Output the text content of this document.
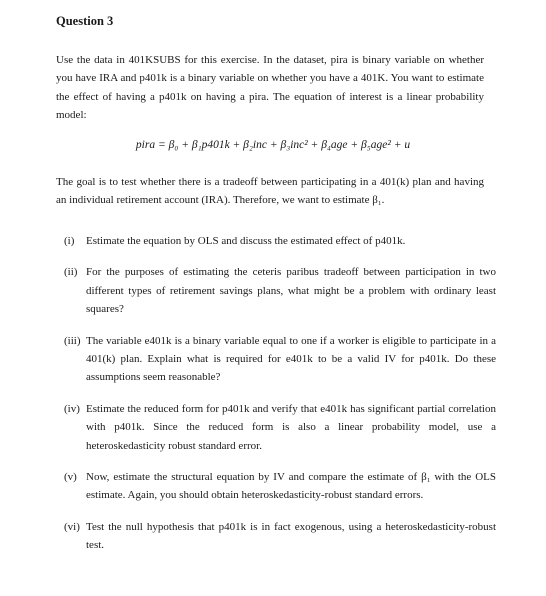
Question 3

Use the data in 401KSUBS for this exercise. In the dataset, pira is binary variable on whether you have IRA and p401k is a binary variable on whether you have a 401K. You want to estimate the effect of having a p401k on having a pira. The equation of interest is a linear probability model:

pira = β₀ + β₁p401k + β₂inc + β₃inc² + β₄age + β₅age² + u

The goal is to test whether there is a tradeoff between participating in a 401(k) plan and having an individual retirement account (IRA). Therefore, we want to estimate β₁.

(i)	Estimate the equation by OLS and discuss the estimated effect of p401k.
(ii) For the purposes of estimating the ceteris paribus tradeoff between participation in two different types of retirement savings plans, what might be a problem with ordinary least squares?
(iii) The variable e401k is a binary variable equal to one if a worker is eligible to participate in a 401(k) plan. Explain what is required for e401k to be a valid IV for p401k. Do these assumptions seem reasonable?
(iv) Estimate the reduced form for p401k and verify that e401k has significant partial correlation with p401k. Since the reduced form is also a linear probability model, use a heteroskedasticity robust standard error.
(v) Now, estimate the structural equation by IV and compare the estimate of β₁ with the OLS estimate. Again, you should obtain heteroskedasticity-robust standard errors.
(vi) Test the null hypothesis that p401k is in fact exogenous, using a heteroskedasticity-robust test.
